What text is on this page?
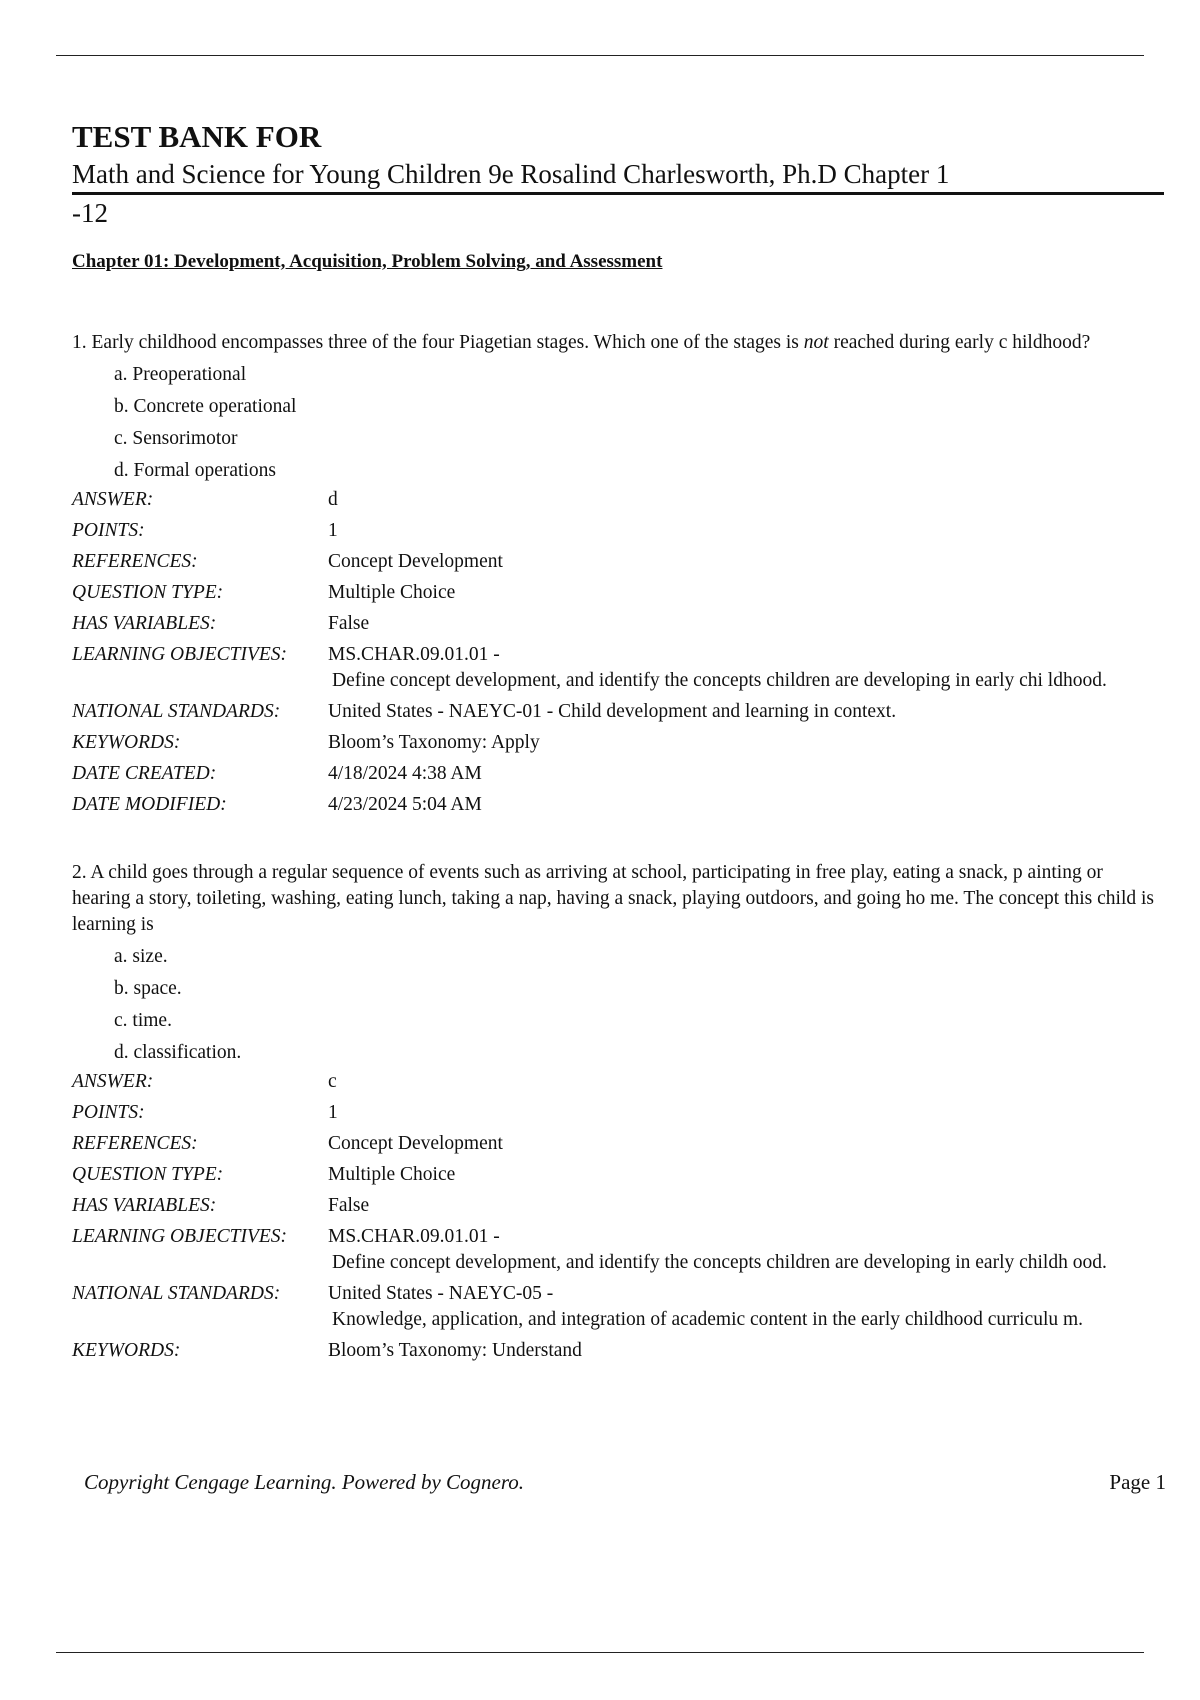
TEST BANK FOR
Math and Science for Young Children 9e Rosalind Charlesworth, Ph.D Chapter 1
-12
Chapter 01: Development, Acquisition, Problem Solving, and Assessment
1. Early childhood encompasses three of the four Piagetian stages. Which one of the stages is not reached during early c hildhood?
a. Preoperational
b. Concrete operational
c. Sensorimotor
d. Formal operations
ANSWER:	d
POINTS:	1
REFERENCES:	Concept Development
QUESTION TYPE:	Multiple Choice
HAS VARIABLES:	False
LEARNING OBJECTIVES:	MS.CHAR.09.01.01 -
Define concept development, and identify the concepts children are developing in early chi ldhood.
NATIONAL STANDARDS:	United States - NAEYC-01 - Child development and learning in context.
KEYWORDS:	Bloom’s Taxonomy: Apply
DATE CREATED:	4/18/2024 4:38 AM
DATE MODIFIED:	4/23/2024 5:04 AM
2. A child goes through a regular sequence of events such as arriving at school, participating in free play, eating a snack, p ainting or hearing a story, toileting, washing, eating lunch, taking a nap, having a snack, playing outdoors, and going ho me. The concept this child is learning is
a. size.
b. space.
c. time.
d. classification.
ANSWER:	c
POINTS:	1
REFERENCES:	Concept Development
QUESTION TYPE:	Multiple Choice
HAS VARIABLES:	False
LEARNING OBJECTIVES:	MS.CHAR.09.01.01 -
Define concept development, and identify the concepts children are developing in early childh ood.
NATIONAL STANDARDS:	United States - NAEYC-05 -
Knowledge, application, and integration of academic content in the early childhood curriculu m.
KEYWORDS:	Bloom’s Taxonomy: Understand
Copyright Cengage Learning. Powered by Cognero.	Page 1
